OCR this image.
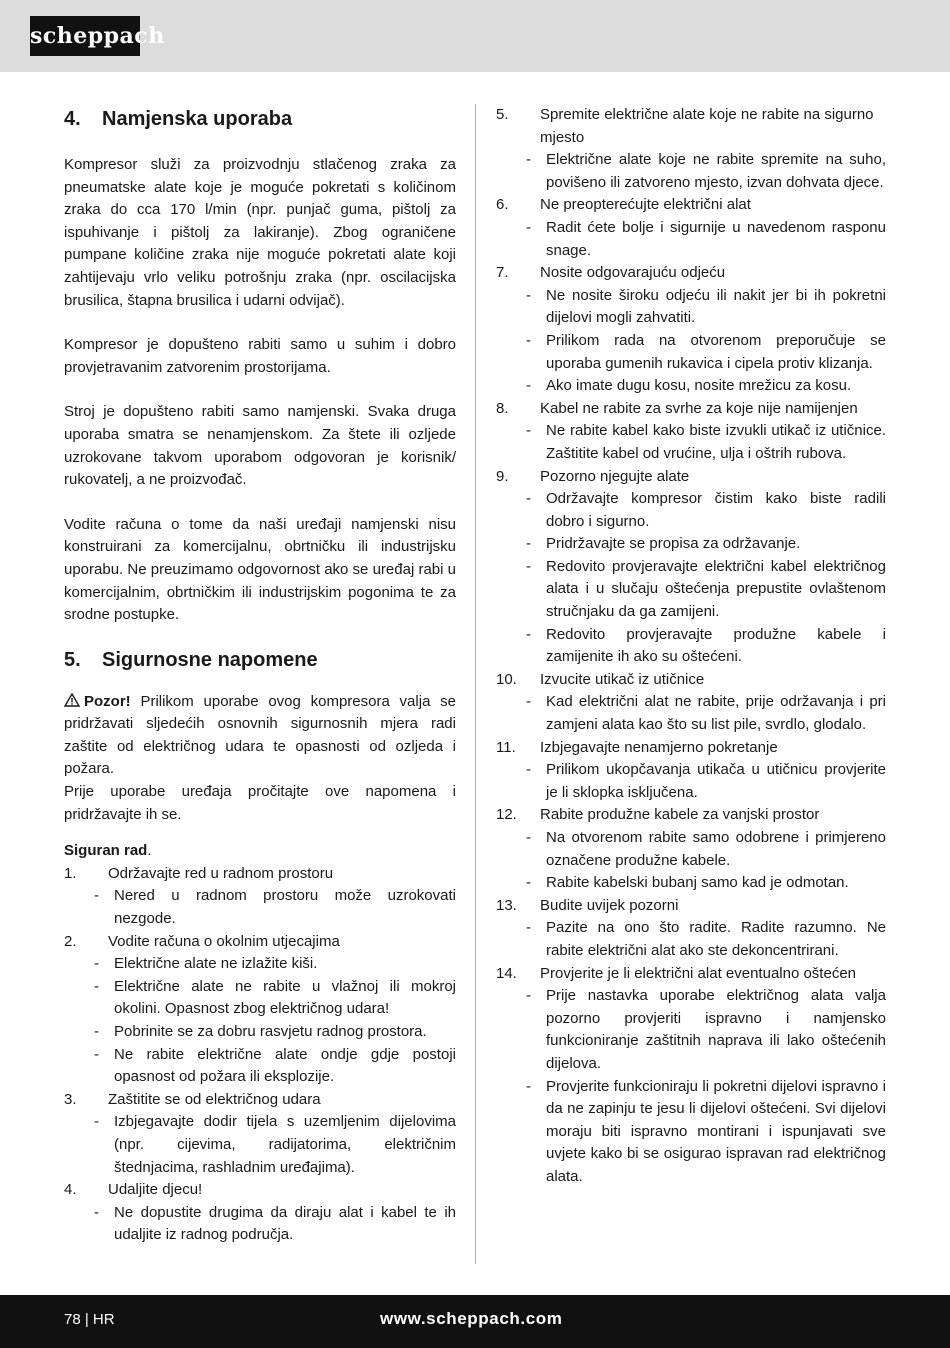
scheppach
4. Namjenska uporaba

Kompresor služi za proizvodnju stlačenog zraka za pneumatske alate koje je moguće pokretati s količinom zraka do cca 170 l/min (npr. punjač guma, pištolj za ispuhivanje i pištolj za lakiranje). Zbog ograničene pumpane količine zraka nije moguće pokretati alate koji zahtijevaju vrlo veliku potrošnju zraka (npr. oscilacijska brusilica, štapna brusilica i udarni odvijač).

Kompresor je dopušteno rabiti samo u suhim i dobro provjetravanim zatvorenim prostorijama.

Stroj je dopušteno rabiti samo namjenski. Svaka druga uporaba smatra se nenamjenskom. Za štete ili ozljede uzrokovane takvom uporabom odgovoran je korisnik/ rukovatelj, a ne proizvođač.

Vodite računa o tome da naši uređaji namjenski nisu konstruirani za komercijalnu, obrtničku ili industrijsku uporabu. Ne preuzimamo odgovornost ako se uređaj rabi u komercijalnim, obrtničkim ili industrijskim pogonima te za srodne postupke.

5. Sigurnosne napomene

Pozor! Prilikom uporabe ovog kompresora valja se pridržavati sljedećih osnovnih sigurnosnih mjera radi zaštite od električnog udara te opasnosti od ozljeda i požara.

Prije uporabe uređaja pročitajte ove napomena i pridržavajte ih se.

Siguran rad.

1.	Održavajte red u radnom prostoru
-	Nered u radnom prostoru može uzrokovati nezgode.
2.	Vodite računa o okolnim utjecajima
-	Električne alate ne izlažite kiši.
-	Električne alate ne rabite u vlažnoj ili mokroj okolini. Opasnost zbog električnog udara!
-	Pobrinite se za dobru rasvjetu radnog prostora.
-	Ne rabite električne alate ondje gdje postoji opasnost od požara ili eksplozije.
3.	Zaštitite se od električnog udara
-	Izbjegavajte dodir tijela s uzemljenim dijelovima (npr. cijevima, radijatorima, električnim štednjacima, rashladnim uređajima).
4.	Udaljite djecu!
-	Ne dopustite drugima da diraju alat i kabel te ih udaljite iz radnog područja.
5.	Spremite električne alate koje ne rabite na sigurno mjesto
-	Električne alate koje ne rabite spremite na suho, povišeno ili zatvoreno mjesto, izvan dohvata djece.
6.	Ne preopterećujte električni alat
-	Radit ćete bolje i sigurnije u navedenom rasponu snage.
7.	Nosite odgovarajuću odjeću
-	Ne nosite široku odjeću ili nakit jer bi ih pokretni dijelovi mogli zahvatiti.
-	Prilikom rada na otvorenom preporučuje se uporaba gumenih rukavica i cipela protiv klizanja.
-	Ako imate dugu kosu, nosite mrežicu za kosu.
8.	Kabel ne rabite za svrhe za koje nije namijenjen
-	Ne rabite kabel kako biste izvukli utikač iz utičnice. Zaštitite kabel od vrućine, ulja i oštrih rubova.
9.	Pozorno njegujte alate
-	Održavajte kompresor čistim kako biste radili dobro i sigurno.
-	Pridržavajte se propisa za održavanje.
-	Redovito provjeravajte električni kabel električnog alata i u slučaju oštećenja prepustite ovlaštenom stručnjaku da ga zamijeni.
-	Redovito provjeravajte produžne kabele i zamijenite ih ako su oštećeni.
10.	Izvucite utikač iz utičnice
-	Kad električni alat ne rabite, prije održavanja i pri zamjeni alata kao što su list pile, svrdlo, glodalo.
11.	Izbjegavajte nenamjerno pokretanje
-	Prilikom ukopčavanja utikača u utičnicu provjerite je li sklopka isključena.
12.	Rabite produžne kabele za vanjski prostor
-	Na otvorenom rabite samo odobrene i primjereno označene produžne kabele.
-	Rabite kabelski bubanj samo kad je odmotan.
13.	Budite uvijek pozorni
-	Pazite na ono što radite. Radite razumno. Ne rabite električni alat ako ste dekoncentrirani.
14.	Provjerite je li električni alat eventualno oštećen
-	Prije nastavka uporabe električnog alata valja pozorno provjeriti ispravno i namjensko funkcioniranje zaštitnih naprava ili lako oštećenih dijelova.
-	Provjerite funkcioniraju li pokretni dijelovi ispravno i da ne zapinju te jesu li dijelovi oštećeni. Svi dijelovi moraju biti ispravno montirani i ispunjavati sve uvjete kako bi se osigurao ispravan rad električnog alata.
78 | HR	www.scheppach.com
